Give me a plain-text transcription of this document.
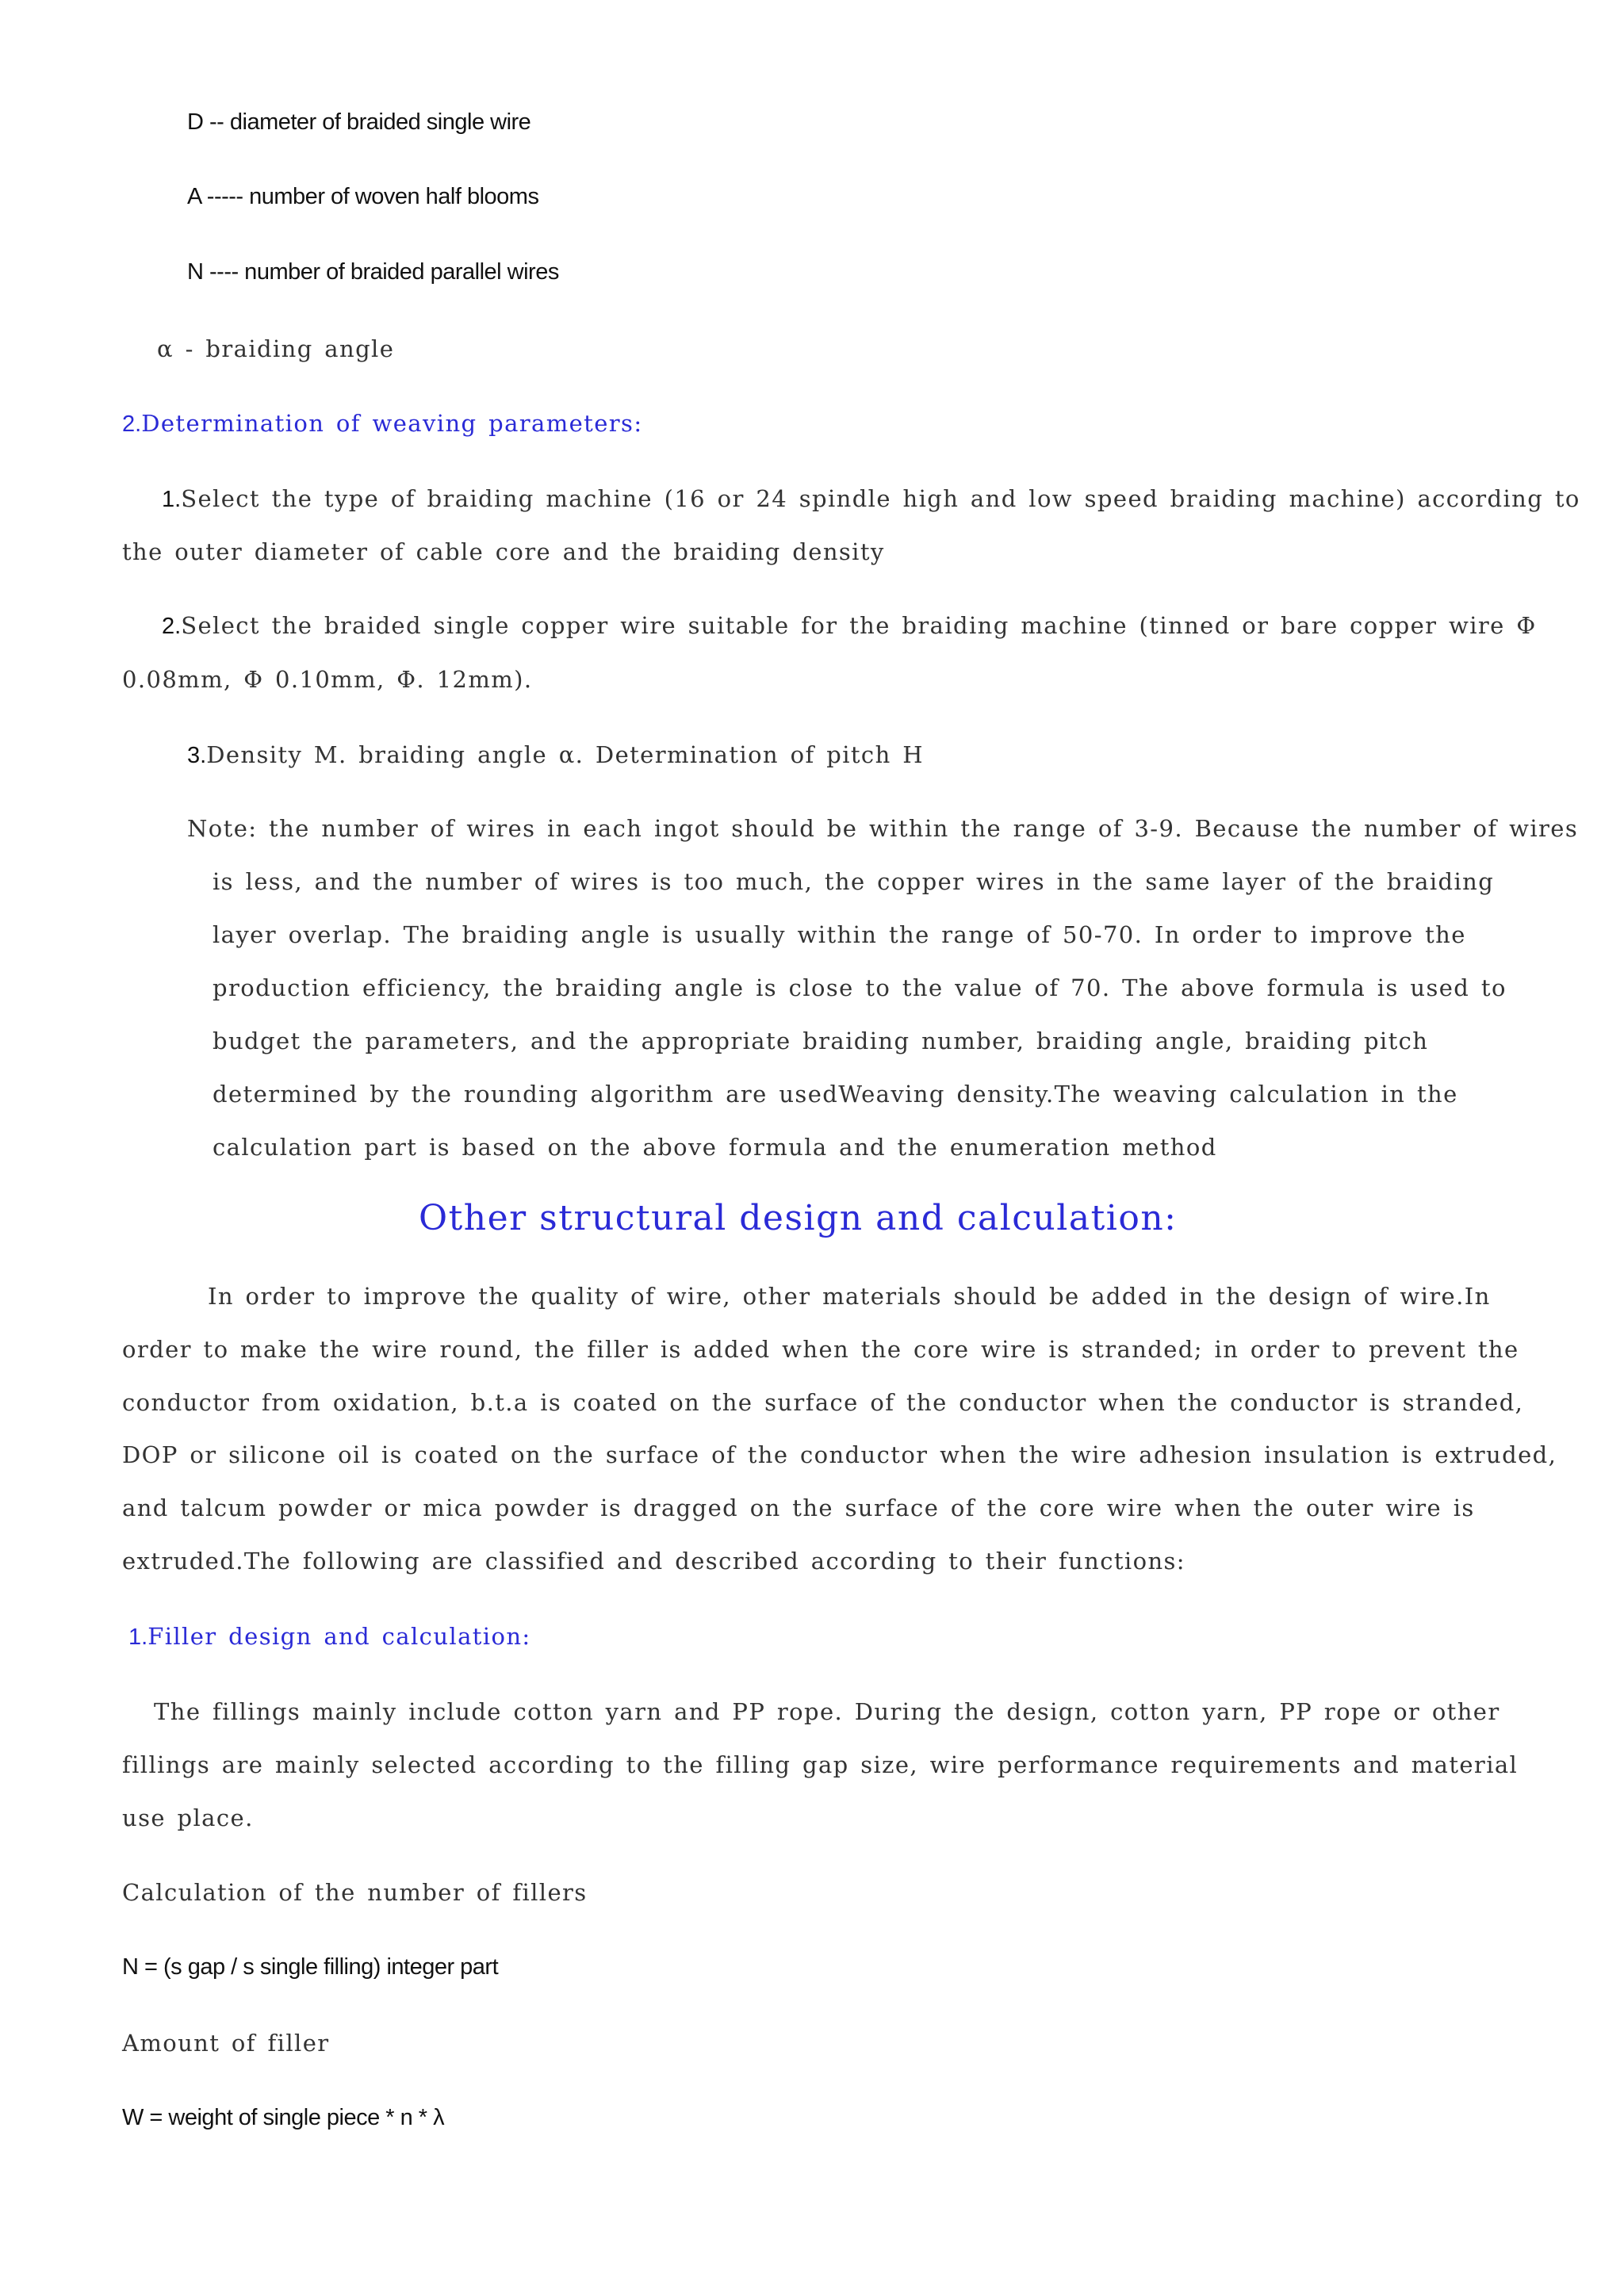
D -- diameter of braided single wire
A ----- number of woven half blooms
N ---- number of braided parallel wires
α - braiding angle
2.Determination of weaving parameters:
1.Select the type of braiding machine (16 or 24 spindle high and low speed braiding machine) according to
the outer diameter of cable core and the braiding density
2.Select the braided single copper wire suitable for the braiding machine (tinned or bare copper wire Φ
0.08mm, Φ 0.10mm, Φ. 12mm).
3.Density M. braiding angle α. Determination of pitch H
Note: the number of wires in each ingot should be within the range of 3-9. Because the number of wires
is less, and the number of wires is too much, the copper wires in the same layer of the braiding
layer overlap. The braiding angle is usually within the range of 50-70. In order to improve the
production efficiency, the braiding angle is close to the value of 70. The above formula is used to
budget the parameters, and the appropriate braiding number, braiding angle, braiding pitch
determined by the rounding algorithm are usedWeaving density.The weaving calculation in the
calculation part is based on the above formula and the enumeration method
Other structural design and calculation:
In order to improve the quality of wire, other materials should be added in the design of wire.In
order to make the wire round, the filler is added when the core wire is stranded; in order to prevent the
conductor from oxidation, b.t.a is coated on the surface of the conductor when the conductor is stranded,
DOP or silicone oil is coated on the surface of the conductor when the wire adhesion insulation is extruded,
and talcum powder or mica powder is dragged on the surface of the core wire when the outer wire is
extruded.The following are classified and described according to their functions:
1.Filler design and calculation:
The fillings mainly include cotton yarn and PP rope. During the design, cotton yarn, PP rope or other
fillings are mainly selected according to the filling gap size, wire performance requirements and material
use place.
Calculation of the number of fillers
N = (s gap / s single filling) integer part
Amount of filler
W = weight of single piece * n * λ
